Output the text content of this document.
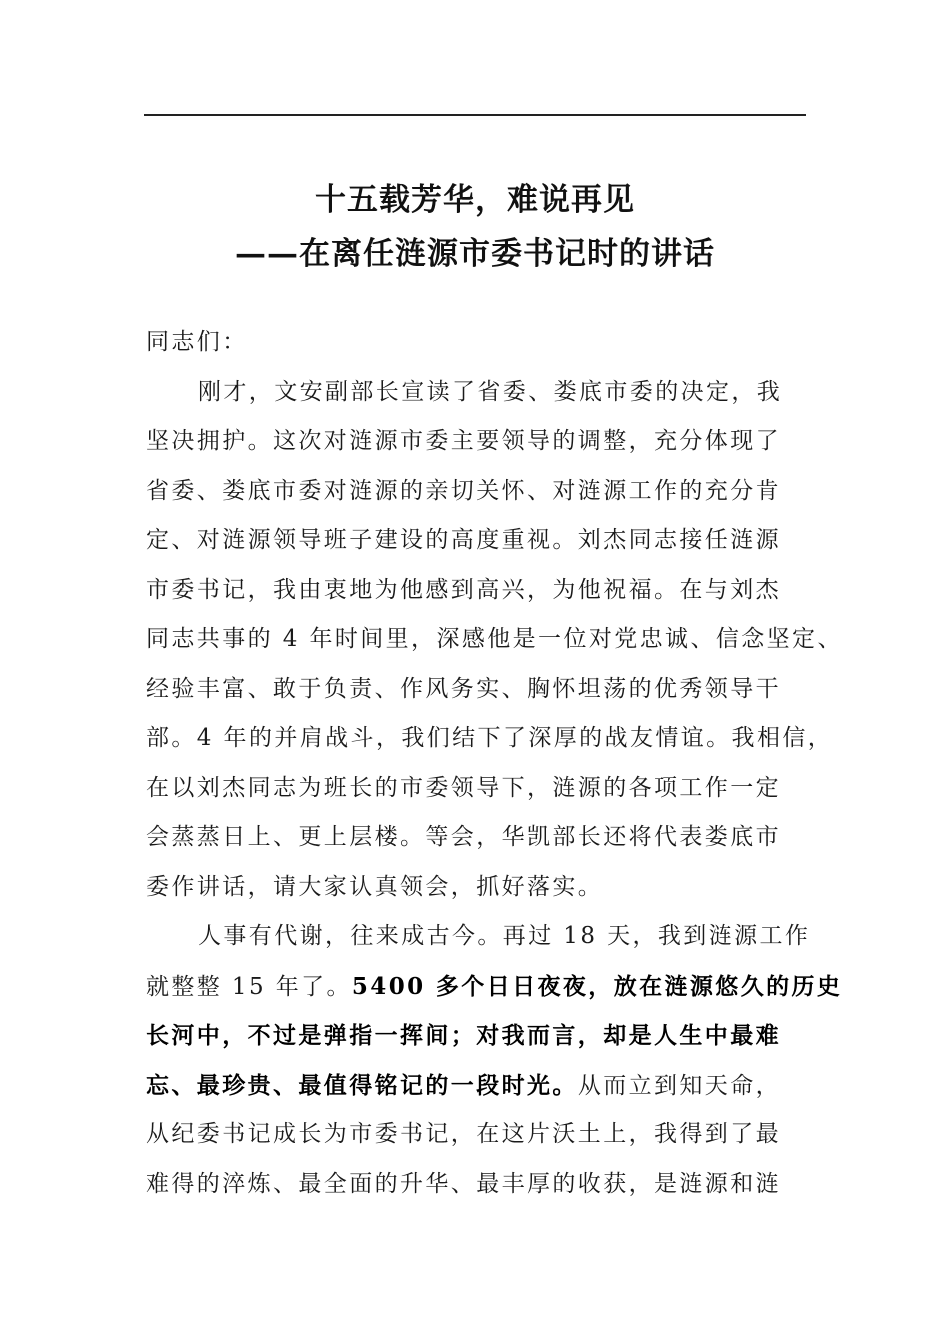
十五载芳华，难说再见
——在离任涟源市委书记时的讲话

同志们：

刚才，文安副部长宣读了省委、娄底市委的决定，我
坚决拥护。这次对涟源市委主要领导的调整，充分体现了
省委、娄底市委对涟源的亲切关怀、对涟源工作的充分肯
定、对涟源领导班子建设的高度重视。刘杰同志接任涟源
市委书记，我由衷地为他感到高兴，为他祝福。在与刘杰
同志共事的 4 年时间里，深感他是一位对党忠诚、信念坚定、
经验丰富、敢于负责、作风务实、胸怀坦荡的优秀领导干
部。4 年的并肩战斗，我们结下了深厚的战友情谊。我相信，
在以刘杰同志为班长的市委领导下，涟源的各项工作一定
会蒸蒸日上、更上层楼。等会，华凯部长还将代表娄底市
委作讲话，请大家认真领会，抓好落实。

人事有代谢，往来成古今。再过 18 天，我到涟源工作
就整整 15 年了。5400 多个日日夜夜，放在涟源悠久的历史
长河中，不过是弹指一挥间；对我而言，却是人生中最难
忘、最珍贵、最值得铭记的一段时光。从而立到知天命，
从纪委书记成长为市委书记，在这片沃土上，我得到了最
难得的淬炼、最全面的升华、最丰厚的收获，是涟源和涟
